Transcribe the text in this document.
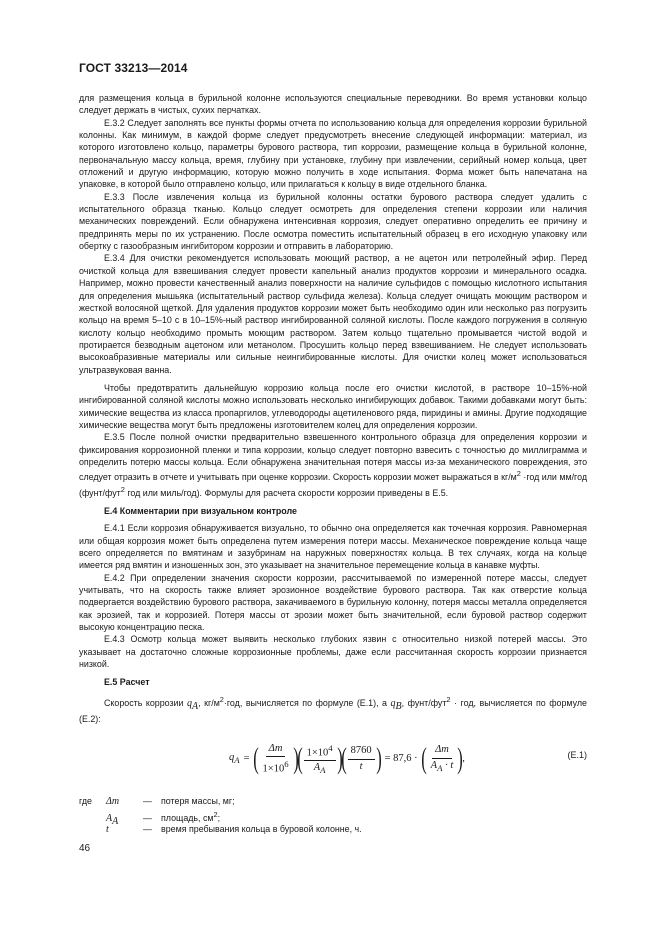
ГОСТ 33213—2014

для размещения кольца в бурильной колонне используются специальные переводники. Во время установки кольцо следует держать в чистых, сухих перчатках.

Е.3.2 Следует заполнять все пункты формы отчета по использованию кольца для определения коррозии бурильной колонны. Как минимум, в каждой форме следует предусмотреть внесение следующей информации: материал, из которого изготовлено кольцо, параметры бурового раствора, тип коррозии, размещение кольца в бурильной колонне, первоначальную массу кольца, время, глубину при установке, глубину при извлечении, серийный номер кольца, цвет отложений и другую информацию, которую можно получить в ходе испытания. Форма может быть напечатана на упаковке, в которой было отправлено кольцо, или прилагаться к кольцу в виде отдельного бланка.

Е.3.3 После извлечения кольца из бурильной колонны остатки бурового раствора следует удалить с испытательного образца тканью. Кольцо следует осмотреть для определения степени коррозии или наличия механических повреждений. Если обнаружена интенсивная коррозия, следует оперативно определить ее причину и предпринять меры по их устранению. После осмотра поместить испытательный образец в его исходную упаковку или обертку с газообразным ингибитором коррозии и отправить в лабораторию.

Е.3.4 Для очистки рекомендуется использовать моющий раствор, а не ацетон или петролейный эфир. Перед очисткой кольца для взвешивания следует провести капельный анализ продуктов коррозии и минерального осадка. Например, можно провести качественный анализ поверхности на наличие сульфидов с помощью кислотного испытания для определения мышьяка (испытательный раствор сульфида железа). Кольца следует очищать моющим раствором и жесткой волосяной щеткой. Для удаления продуктов коррозии может быть необходимо один или несколько раз погрузить кольцо на время 5–10 с в 10–15%-ный раствор ингибированной соляной кислоты. После каждого погружения в соляную кислоту кольцо необходимо промыть моющим раствором. Затем кольцо тщательно промывается чистой водой и протирается безводным ацетоном или метанолом. Просушить кольцо перед взвешиванием. Не следует использовать высокоабразивные материалы или сильные неингибированные кислоты. Для очистки колец может использоваться ультразвуковая ванна.

Чтобы предотвратить дальнейшую коррозию кольца после его очистки кислотой, в растворе 10–15%-ной ингибированной соляной кислоты можно использовать несколько ингибирующих добавок. Такими добавками могут быть: химические вещества из класса пропаргилов, углеводороды ацетиленового ряда, пиридины и амины. Другие подходящие химические вещества могут быть предложены изготовителем колец для определения коррозии.

Е.3.5 После полной очистки предварительно взвешенного контрольного образца для определения коррозии и фиксирования коррозионной пленки и типа коррозии, кольцо следует повторно взвесить с точностью до миллиграмма и определить потерю массы кольца. Если обнаружена значительная потеря массы из-за механического повреждения, это следует отразить в отчете и учитывать при оценке коррозии. Скорость коррозии может выражаться в $кг/м^2 \cdot год$ или мм/год (фунт/фут$^2$ год или миль/год). Формулы для расчета скорости коррозии приведены в Е.5.

Е.4 Комментарии при визуальном контроле

Е.4.1 Если коррозия обнаруживается визуально, то обычно она определяется как точечная коррозия. Равномерная или общая коррозия может быть определена путем измерения потери массы. Механическое повреждение кольца чаще всего определяется по вмятинам и зазубринам на наружных поверхностях кольца. В тех случаях, когда на кольце имеется ряд вмятин и изношенных зон, это указывает на значительное перемещение кольца в канавке муфты.

Е.4.2 При определении значения скорости коррозии, рассчитываемой по измеренной потере массы, следует учитывать, что на скорость также влияет эрозионное воздействие бурового раствора. Так как отверстие кольца подвергается воздействию бурового раствора, закачиваемого в бурильную колонну, потеря массы металла определяется как эрозией, так и коррозией. Потеря массы от эрозии может быть значительной, если буровой раствор содержит высокую концентрацию песка.

Е.4.3 Осмотр кольца может выявить несколько глубоких язвин с относительно низкой потерей массы. Это указывает на достаточно сложные коррозионные проблемы, даже если рассчитанная скорость коррозии признается низкой.

Е.5 Расчет

Скорость коррозии $q_A$, $кг/м^2\cdot год$, вычисляется по формуле (Е.1), а $q_B$, фунт/фут$^2$ · год, вычисляется по формуле (Е.2):

$q_A$ = ( $\frac{\Delta m}{1\times 10^6}$ )
( $\frac{1\times 10^4}{A_A}$ )
( $\frac{8760}{t}$ ) = 87,6 · ( $\frac{\Delta m}{A_A \cdot t}$ ) ,	(Е.1)
где	Δm	—	потеря массы, мг;
$A_A$	—	площадь, $см^2$;
t	—	время пребывания кольца в буровой колонне, ч.
46
